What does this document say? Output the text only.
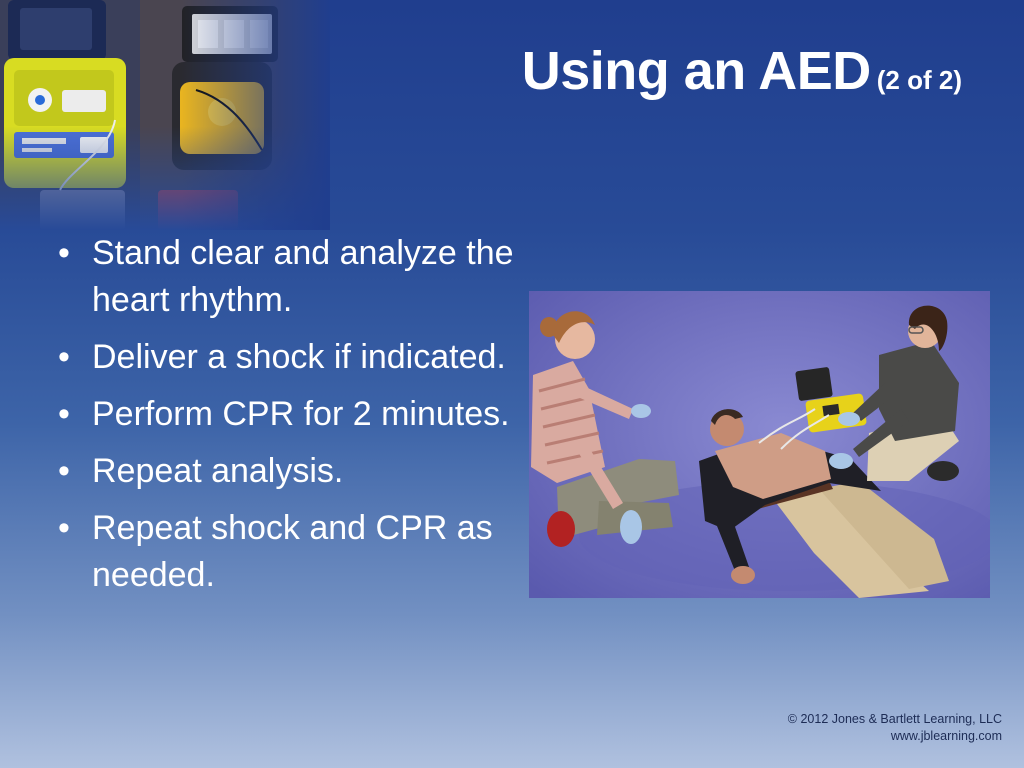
Using an AED (2 of 2)
• Stand clear and analyze the heart rhythm.
• Deliver a shock if indicated.
• Perform CPR for 2 minutes.
• Repeat analysis.
• Repeat shock and CPR as needed.
© 2012 Jones & Bartlett Learning, LLC
www.jblearning.com
